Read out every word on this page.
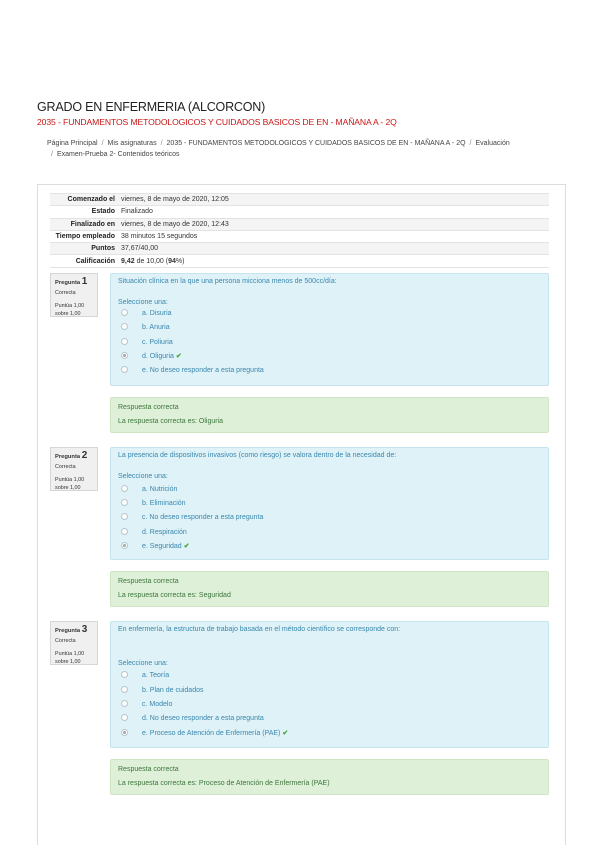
GRADO EN ENFERMERIA (ALCORCON)
2035 - FUNDAMENTOS METODOLOGICOS Y CUIDADOS BASICOS DE EN - MAÑANA A - 2Q
Página Principal / Mis asignaturas / 2035 - FUNDAMENTOS METODOLOGICOS Y CUIDADOS BASICOS DE EN - MAÑANA A - 2Q / Evaluación
/ Examen-Prueba 2- Contenidos teóricos
Comenzado el	viernes, 8 de mayo de 2020, 12:05
Estado	Finalizado
Finalizado en	viernes, 8 de mayo de 2020, 12:43
Tiempo empleado	38 minutos 15 segundos
Puntos	37,67/40,00
Calificación	9,42 de 10,00 (94%)
Pregunta 1
Correcta
Puntúa 1,00 sobre 1,00
Situación clínica en la que una persona micciona menos de 500cc/día:
Seleccione una:
a. Disuria
b. Anuria
c. Poliuria
d. Oliguria ✔
e. No deseo responder a esta pregunta
Respuesta correcta
La respuesta correcta es: Oliguria
Pregunta 2
Correcta
Puntúa 1,00 sobre 1,00
La presencia de dispositivos invasivos (como riesgo) se valora dentro de la necesidad de:
Seleccione una:
a. Nutrición
b. Eliminación
c. No deseo responder a esta pregunta
d. Respiración
e. Seguridad ✔
Respuesta correcta
La respuesta correcta es: Seguridad
Pregunta 3
Correcta
Puntúa 1,00 sobre 1,00
En enfermería, la estructura de trabajo basada en el método científico se corresponde con:
Seleccione una:
a. Teoría
b. Plan de cuidados
c. Modelo
d. No deseo responder a esta pregunta
e. Proceso de Atención de Enfermería (PAE) ✔
Respuesta correcta
La respuesta correcta es: Proceso de Atención de Enfermería (PAE)
